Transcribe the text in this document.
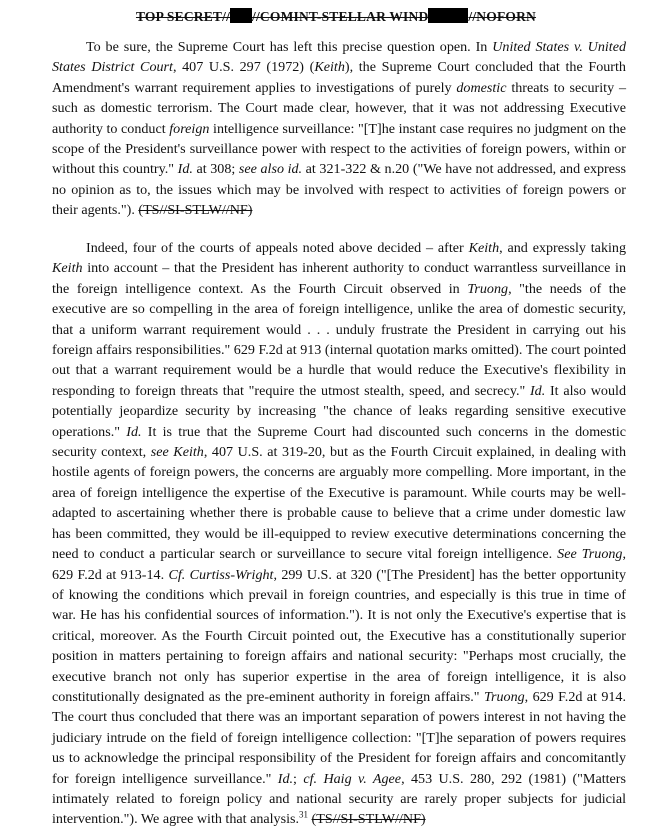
TOP SECRET// //COMINT-STELLAR WIND	//NOFORN

To be sure, the Supreme Court has left this precise question open. In United States v. United States District Court, 407 U.S. 297 (1972) (Keith), the Supreme Court concluded that the Fourth Amendment's warrant requirement applies to investigations of purely domestic threats to security – such as domestic terrorism. The Court made clear, however, that it was not addressing Executive authority to conduct foreign intelligence surveillance: "[T]he instant case requires no judgment on the scope of the President's surveillance power with respect to the activities of foreign powers, within or without this country." Id. at 308; see also id. at 321-322 & n.20 ("We have not addressed, and express no opinion as to, the issues which may be involved with respect to activities of foreign powers or their agents."). (TS//SI-STLW//NF)

Indeed, four of the courts of appeals noted above decided – after Keith, and expressly taking Keith into account – that the President has inherent authority to conduct warrantless surveillance in the foreign intelligence context. As the Fourth Circuit observed in Truong, "the needs of the executive are so compelling in the area of foreign intelligence, unlike the area of domestic security, that a uniform warrant requirement would . . . unduly frustrate the President in carrying out his foreign affairs responsibilities." 629 F.2d at 913 (internal quotation marks omitted). The court pointed out that a warrant requirement would be a hurdle that would reduce the Executive's flexibility in responding to foreign threats that "require the utmost stealth, speed, and secrecy." Id. It also would potentially jeopardize security by increasing "the chance of leaks regarding sensitive executive operations." Id. It is true that the Supreme Court had discounted such concerns in the domestic security context, see Keith, 407 U.S. at 319-20, but as the Fourth Circuit explained, in dealing with hostile agents of foreign powers, the concerns are arguably more compelling. More important, in the area of foreign intelligence the expertise of the Executive is paramount. While courts may be well-adapted to ascertaining whether there is probable cause to believe that a crime under domestic law has been committed, they would be ill-equipped to review executive determinations concerning the need to conduct a particular search or surveillance to secure vital foreign intelligence. See Truong, 629 F.2d at 913-14. Cf. Curtiss-Wright, 299 U.S. at 320 ("[The President] has the better opportunity of knowing the conditions which prevail in foreign countries, and especially is this true in time of war. He has his confidential sources of information."). It is not only the Executive's expertise that is critical, moreover. As the Fourth Circuit pointed out, the Executive has a constitutionally superior position in matters pertaining to foreign affairs and national security: "Perhaps most crucially, the executive branch not only has superior expertise in the area of foreign intelligence, it is also constitutionally designated as the pre-eminent authority in foreign affairs." Truong, 629 F.2d at 914. The court thus concluded that there was an important separation of powers interest in not having the judiciary intrude on the field of foreign intelligence collection: "[T]he separation of powers requires us to acknowledge the principal responsibility of the President for foreign affairs and concomitantly for foreign intelligence surveillance." Id.; cf. Haig v. Agee, 453 U.S. 280, 292 (1981) ("Matters intimately related to foreign policy and national security are rarely proper subjects for judicial intervention."). We agree with that analysis.$^{31}$ (TS//SI-STLW//NF)
